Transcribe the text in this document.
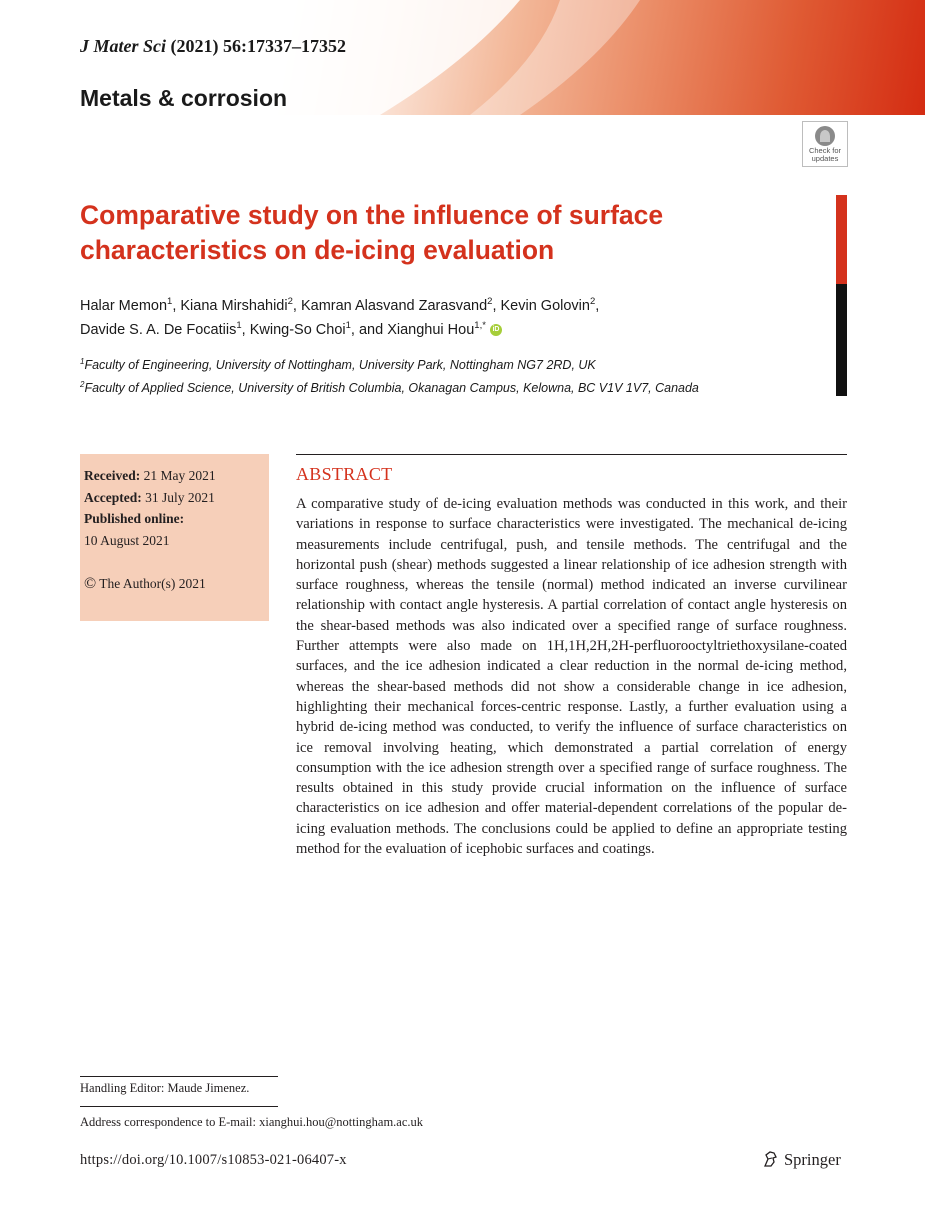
J Mater Sci (2021) 56:17337–17352
Metals & corrosion
Check for
updates
Comparative study on the influence of surface characteristics on de-icing evaluation
Halar Memon$^1$, Kiana Mirshahidi$^2$, Kamran Alasvand Zarasvand$^2$, Kevin Golovin$^2$,
Davide S. A. De Focatiis$^1$, Kwing-So Choi$^1$, and Xianghui Hou$^{1,*}$ iD
$^1$Faculty of Engineering, University of Nottingham, University Park, Nottingham NG7 2RD, UK
$^2$Faculty of Applied Science, University of British Columbia, Okanagan Campus, Kelowna, BC V1V 1V7, Canada
Received: 21 May 2021
Accepted: 31 July 2021
Published online:
10 August 2021
© The Author(s) 2021
ABSTRACT
A comparative study of de-icing evaluation methods was conducted in this work, and their variations in response to surface characteristics were investigated. The mechanical de-icing measurements include centrifugal, push, and tensile methods. The centrifugal and the horizontal push (shear) methods suggested a linear relationship of ice adhesion strength with surface roughness, whereas the tensile (normal) method indicated an inverse curvilinear relationship with contact angle hysteresis. A partial correlation of contact angle hysteresis on the shear-based methods was also indicated over a specified range of surface roughness. Further attempts were also made on 1H,1H,2H,2H-perfluorooctyltriethoxysilane-coated surfaces, and the ice adhesion indicated a clear reduction in the normal de-icing method, whereas the shear-based methods did not show a considerable change in ice adhesion, highlighting their mechanical forces-centric response. Lastly, a further evaluation using a hybrid de-icing method was conducted, to verify the influence of surface characteristics on ice removal involving heating, which demonstrated a partial correlation of energy consumption with the ice adhesion strength over a specified range of surface roughness. The results obtained in this study provide crucial information on the influence of surface characteristics on ice adhesion and offer material-dependent correlations of the popular de-icing evaluation methods. The conclusions could be applied to define an appropriate testing method for the evaluation of icephobic surfaces and coatings.
Handling Editor: Maude Jimenez.
Address correspondence to E-mail: xianghui.hou@nottingham.ac.uk
https://doi.org/10.1007/s10853-021-06407-x	Springer
